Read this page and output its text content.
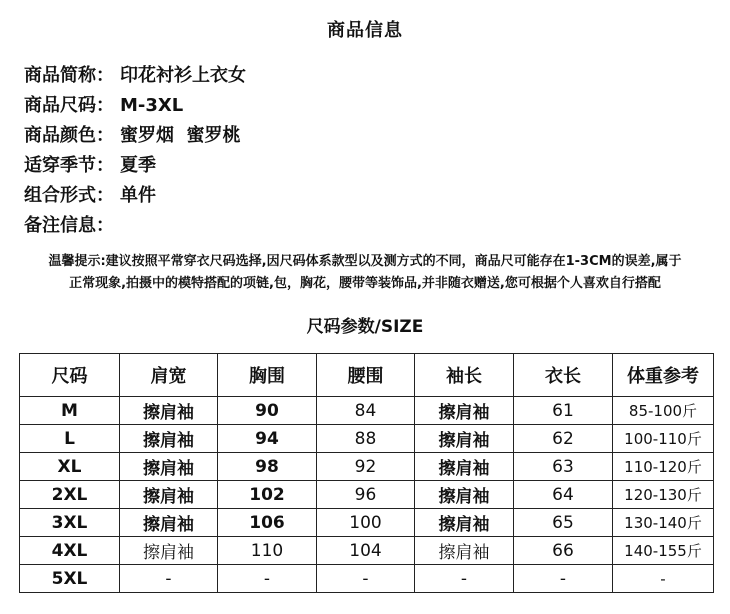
商品信息
商品简称： 印花衬衫上衣女
商品尺码： M-3XL
商品颜色： 蜜罗烟  蜜罗桃
适穿季节： 夏季
组合形式： 单件
备注信息：
温馨提示:建议按照平常穿衣尺码选择,因尺码体系款型以及测方式的不同，商品尺可能存在1-3CM的误差,属于
正常现象,拍摄中的模特搭配的项链,包，胸花，腰带等装饰品,并非随衣赠送,您可根据个人喜欢自行搭配
尺码参数/SIZE
尺码	肩宽	胸围	腰围	袖长	衣长	体重参考
M	擦肩袖	90	84	擦肩袖	61	85-100斤
L	擦肩袖	94	88	擦肩袖	62	100-110斤
XL	擦肩袖	98	92	擦肩袖	63	110-120斤
2XL	擦肩袖	102	96	擦肩袖	64	120-130斤
3XL	擦肩袖	106	100	擦肩袖	65	130-140斤
4XL	擦肩袖	110	104	擦肩袖	66	140-155斤
5XL	-	-	-	-	-	-
